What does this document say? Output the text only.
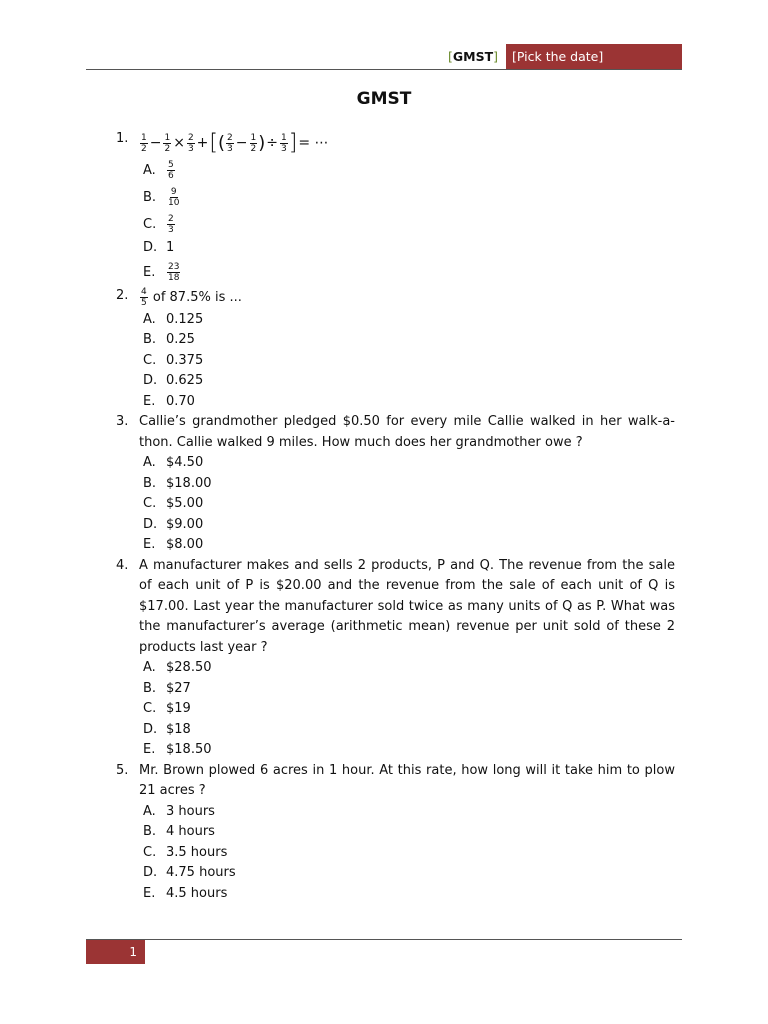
[GMST]	[Pick the date]
GMST
1. $\frac{1}{2} - \frac{1}{2} \times \frac{2}{3}$ +[( $\frac{2}{3} - \frac{1}{2}$ )÷ $\frac{1}{3}$ ]= ⋯
A. $\frac{5}{6}$
B. $\frac{9}{10}$
C. $\frac{2}{3}$
D. 1
E. $\frac{23}{18}$
2. $\frac{4}{5}$ of 87.5% is ...
A. 0.125
B. 0.25
C. 0.375
D. 0.625
E. 0.70
3. Callie’s grandmother pledged $0.50 for every mile Callie walked in her walk-a-thon. Callie walked 9 miles. How much does her grandmother owe ?
A. $4.50
B. $18.00
C. $5.00
D. $9.00
E. $8.00
4. A manufacturer makes and sells 2 products, P and Q. The revenue from the sale of each unit of P is $20.00 and the revenue from the sale of each unit of Q is $17.00. Last year the manufacturer sold twice as many units of Q as P. What was the manufacturer’s average (arithmetic mean) revenue per unit sold of these 2 products last year ?
A. $28.50
B. $27
C. $19
D. $18
E. $18.50
5. Mr. Brown plowed 6 acres in 1 hour. At this rate, how long will it take him to plow 21 acres ?
A. 3 hours
B. 4 hours
C. 3.5 hours
D. 4.75 hours
E. 4.5 hours
1
